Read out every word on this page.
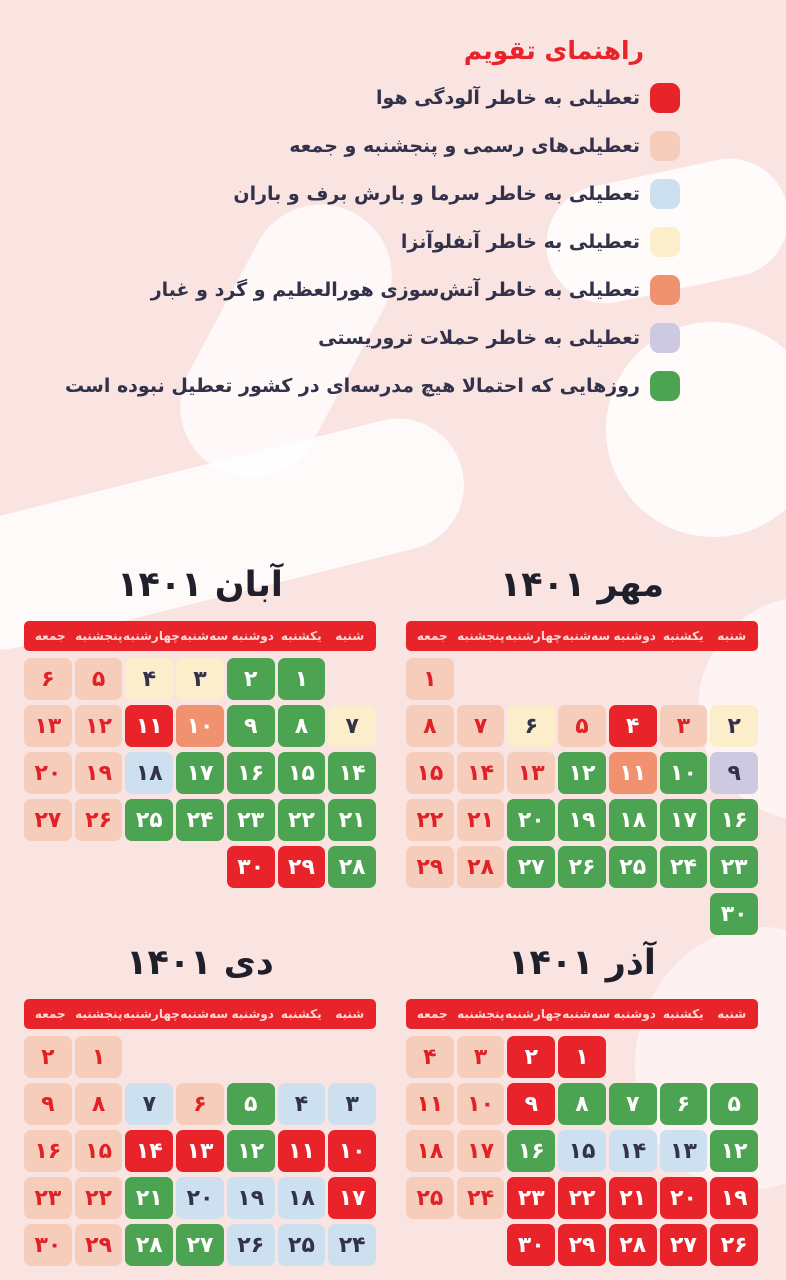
راهنمای تقویم
تعطیلی به خاطر آلودگی هوا
تعطیلی‌های رسمی و پنجشنبه و جمعه
تعطیلی به خاطر سرما و بارش برف و باران
تعطیلی به خاطر آنفلوآنزا
تعطیلی به خاطر آتش‌سوزی هورالعظیم و گرد و غبار
تعطیلی به خاطر حملات تروریستی
روزهایی که احتمالا هیچ مدرسه‌ای در کشور تعطیل نبوده است
مهر ۱۴۰۱
شنبه
یکشنبه
دوشنبه
سه‌شنبه
چهارشنبه
پنجشنبه
جمعه
۱
۲
۳
۴
۵
۶
۷
۸
۹
۱۰
۱۱
۱۲
۱۳
۱۴
۱۵
۱۶
۱۷
۱۸
۱۹
۲۰
۲۱
۲۲
۲۳
۲۴
۲۵
۲۶
۲۷
۲۸
۲۹
۳۰
آبان ۱۴۰۱
شنبه
یکشنبه
دوشنبه
سه‌شنبه
چهارشنبه
پنجشنبه
جمعه
۱
۲
۳
۴
۵
۶
۷
۸
۹
۱۰
۱۱
۱۲
۱۳
۱۴
۱۵
۱۶
۱۷
۱۸
۱۹
۲۰
۲۱
۲۲
۲۳
۲۴
۲۵
۲۶
۲۷
۲۸
۲۹
۳۰
آذر ۱۴۰۱
شنبه
یکشنبه
دوشنبه
سه‌شنبه
چهارشنبه
پنجشنبه
جمعه
۱
۲
۳
۴
۵
۶
۷
۸
۹
۱۰
۱۱
۱۲
۱۳
۱۴
۱۵
۱۶
۱۷
۱۸
۱۹
۲۰
۲۱
۲۲
۲۳
۲۴
۲۵
۲۶
۲۷
۲۸
۲۹
۳۰
دی ۱۴۰۱
شنبه
یکشنبه
دوشنبه
سه‌شنبه
چهارشنبه
پنجشنبه
جمعه
۱
۲
۳
۴
۵
۶
۷
۸
۹
۱۰
۱۱
۱۲
۱۳
۱۴
۱۵
۱۶
۱۷
۱۸
۱۹
۲۰
۲۱
۲۲
۲۳
۲۴
۲۵
۲۶
۲۷
۲۸
۲۹
۳۰
